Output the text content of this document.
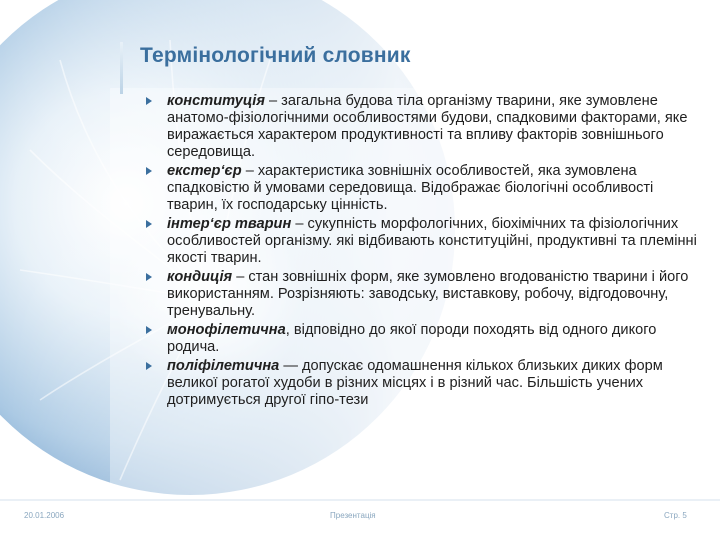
Термінологічний словник
конституція – загальна будова тіла організму тварини, яке зумовлене анатомо-фізіологічними особливостями будови, спадковими факторами, яке виражається характером продуктивності та впливу факторів зовнішнього середовища.
екстер‘єр – характеристика зовнішніх особливостей, яка зумовлена спадковістю й умовами середовища. Відображає біологічні особливості тварин, їх господарську цінність.
інтер‘єр тварин – сукупність морфологічних, біохімічних та фізіологічних особливостей організму. які відбивають конституційні, продуктивні та племінні якості тварин.
кондиція – стан зовнішніх форм, яке зумовлено вгодованістю тварини і його використанням. Розрізняють: заводську, виставкову, робочу, відгодовочну, тренувальну.
монофілетична, відповідно до якої породи походять від одного дикого родича.
поліфілетична — допускає одомашнення кількох близьких диких форм великої рогатої худоби в різних місцях і в різний час. Більшість учених дотримується другої гіпо-тези
20.01.2006	Презентація	Стр. 5
